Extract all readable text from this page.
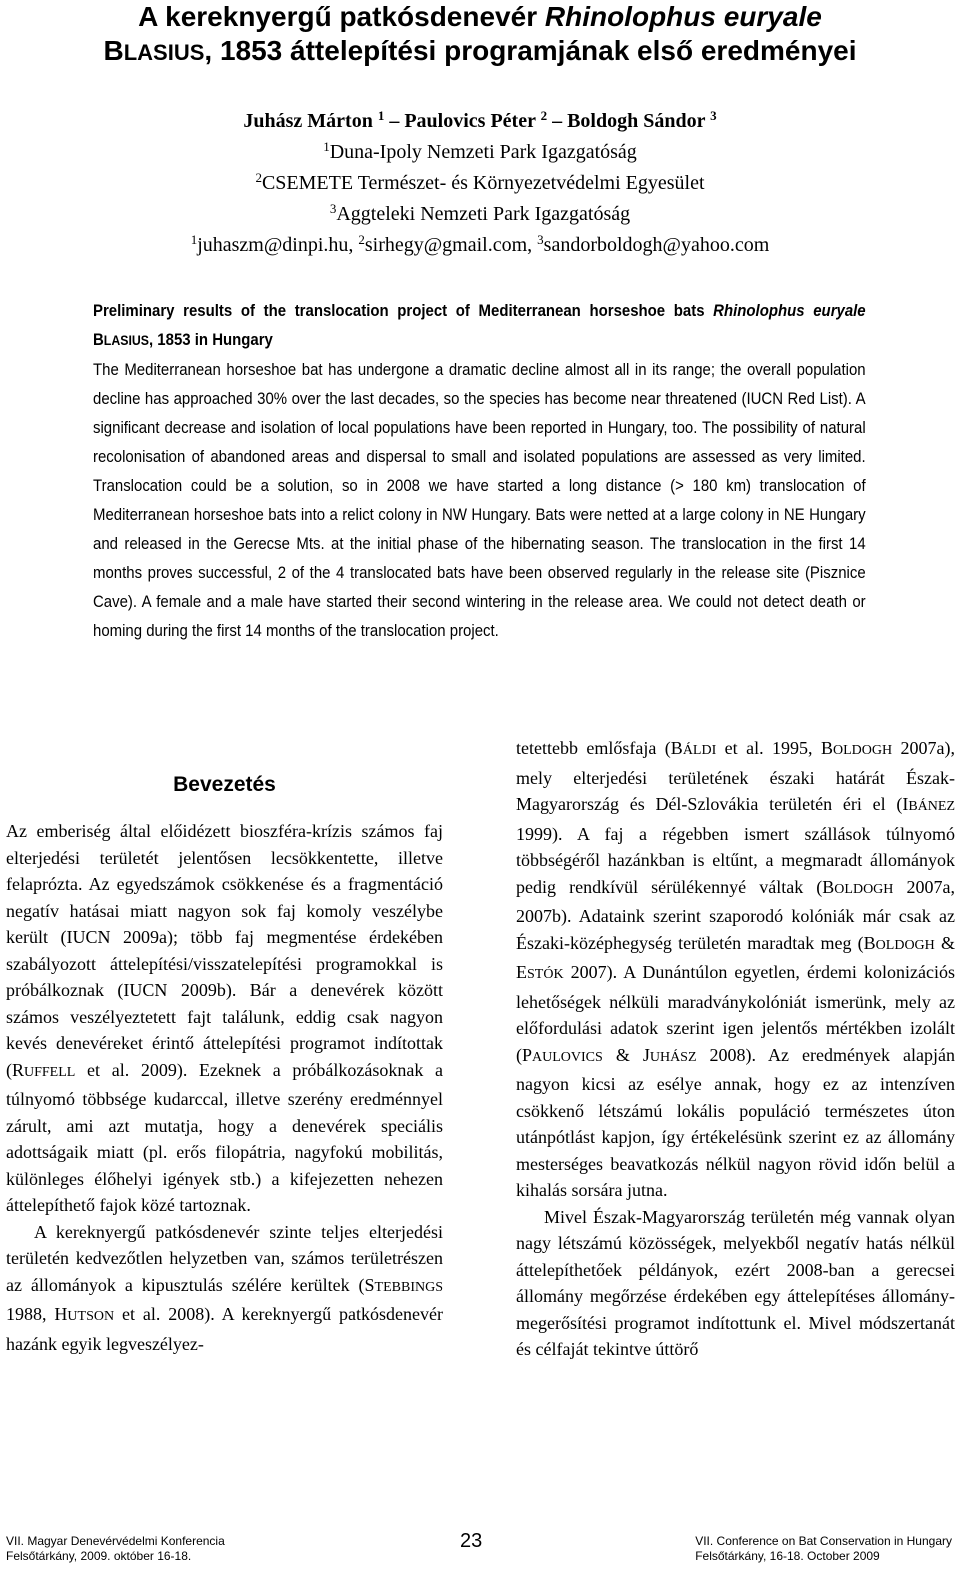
A kereknyergű patkósdenevér Rhinolophus euryale
BLASIUS, 1853 áttelepítési programjának első eredményei
Juhász Márton $^1$ – Paulovics Péter $^2$ – Boldogh Sándor $^3$
$^1$Duna-Ipoly Nemzeti Park Igazgatóság
$^2$CSEMETE Természet- és Környezetvédelmi Egyesület
$^3$Aggteleki Nemzeti Park Igazgatóság
$^1$juhaszm@dinpi.hu, $^2$sirhegy@gmail.com, $^3$sandorboldogh@yahoo.com
Preliminary results of the translocation project of Mediterranean horseshoe bats Rhinolophus euryale BLASIUS, 1853 in Hungary
The Mediterranean horseshoe bat has undergone a dramatic decline almost all in its range; the overall population decline has approached 30% over the last decades, so the species has become near threatened (IUCN Red List). A significant decrease and isolation of local populations have been reported in Hungary, too. The possibility of natural recolonisation of abandoned areas and dispersal to small and isolated populations are assessed as very limited. Translocation could be a solution, so in 2008 we have started a long distance (> 180 km) translocation of Mediterranean horseshoe bats into a relict colony in NW Hungary. Bats were netted at a large colony in NE Hungary and released in the Gerecse Mts. at the initial phase of the hibernating season. The translocation in the first 14 months proves successful, 2 of the 4 translocated bats have been observed regularly in the release site (Pisznice Cave). A female and a male have started their second wintering in the release area. We could not detect death or homing during the first 14 months of the translocation project.
Bevezetés

Az emberiség által előidézett bioszféra-krízis számos faj elterjedési területét jelentősen lecsökkentette, illetve felaprózta. Az egyedszámok csökkenése és a fragmentáció negatív hatásai miatt nagyon sok faj komoly veszélybe került (IUCN 2009a); több faj megmentése érdekében szabályozott áttelepítési/visszatelepítési programokkal is próbálkoznak (IUCN 2009b). Bár a denevérek között számos veszélyeztetett fajt találunk, eddig csak nagyon kevés denevéreket érintő áttelepítési programot indítottak (RUFFELL et al. 2009). Ezeknek a próbálkozásoknak a túlnyomó többsége kudarccal, illetve szerény eredménnyel zárult, ami azt mutatja, hogy a denevérek speciális adottságaik miatt (pl. erős filopátria, nagyfokú mobilitás, különleges élőhelyi igények stb.) a kifejezetten nehezen áttelepíthető fajok közé tartoznak.

A kereknyergű patkósdenevér szinte teljes elterjedési területén kedvezőtlen helyzetben van, számos területrészen az állományok a kipusztulás szélére kerültek (STEBBINGS 1988, HUTSON et al. 2008). A kereknyergű patkósdenevér hazánk egyik legveszélyez-

tetettebb emlősfaja (BÁLDI et al. 1995, BOLDOGH 2007a), mely elterjedési területének északi határát Észak-Magyarország és Dél-Szlovákia területén éri el (IBÁNEZ 1999). A faj a régebben ismert szállások túlnyomó többségéről hazánkban is eltűnt, a megmaradt állományok pedig rendkívül sérülékennyé váltak (BOLDOGH 2007a, 2007b). Adataink szerint szaporodó kolóniák már csak az Északi-középhegység területén maradtak meg (BOLDOGH & ESTÓK 2007). A Dunántúlon egyetlen, érdemi kolonizációs lehetőségek nélküli maradványkolóniát ismerünk, mely az előfordulási adatok szerint igen jelentős mértékben izolált (PAULOVICS & JUHÁSZ 2008). Az eredmények alapján nagyon kicsi az esélye annak, hogy ez az intenzíven csökkenő létszámú lokális populáció természetes úton utánpótlást kapjon, így értékelésünk szerint ez az állomány mesterséges beavatkozás nélkül nagyon rövid időn belül a kihalás sorsára jutna.

Mivel Észak-Magyarország területén még vannak olyan nagy létszámú közösségek, melyekből negatív hatás nélkül áttelepíthetőek példányok, ezért 2008-ban a gerecsei állomány megőrzése érdekében egy áttelepítéses állomány-megerősítési programot indítottunk el. Mivel módszertanát és célfaját tekintve úttörő

VII. Magyar Denevérvédelmi Konferencia
Felsőtárkány, 2009. október 16-18.
23	VII. Conference on Bat Conservation in Hungary
Felsőtárkány, 16-18. October 2009
